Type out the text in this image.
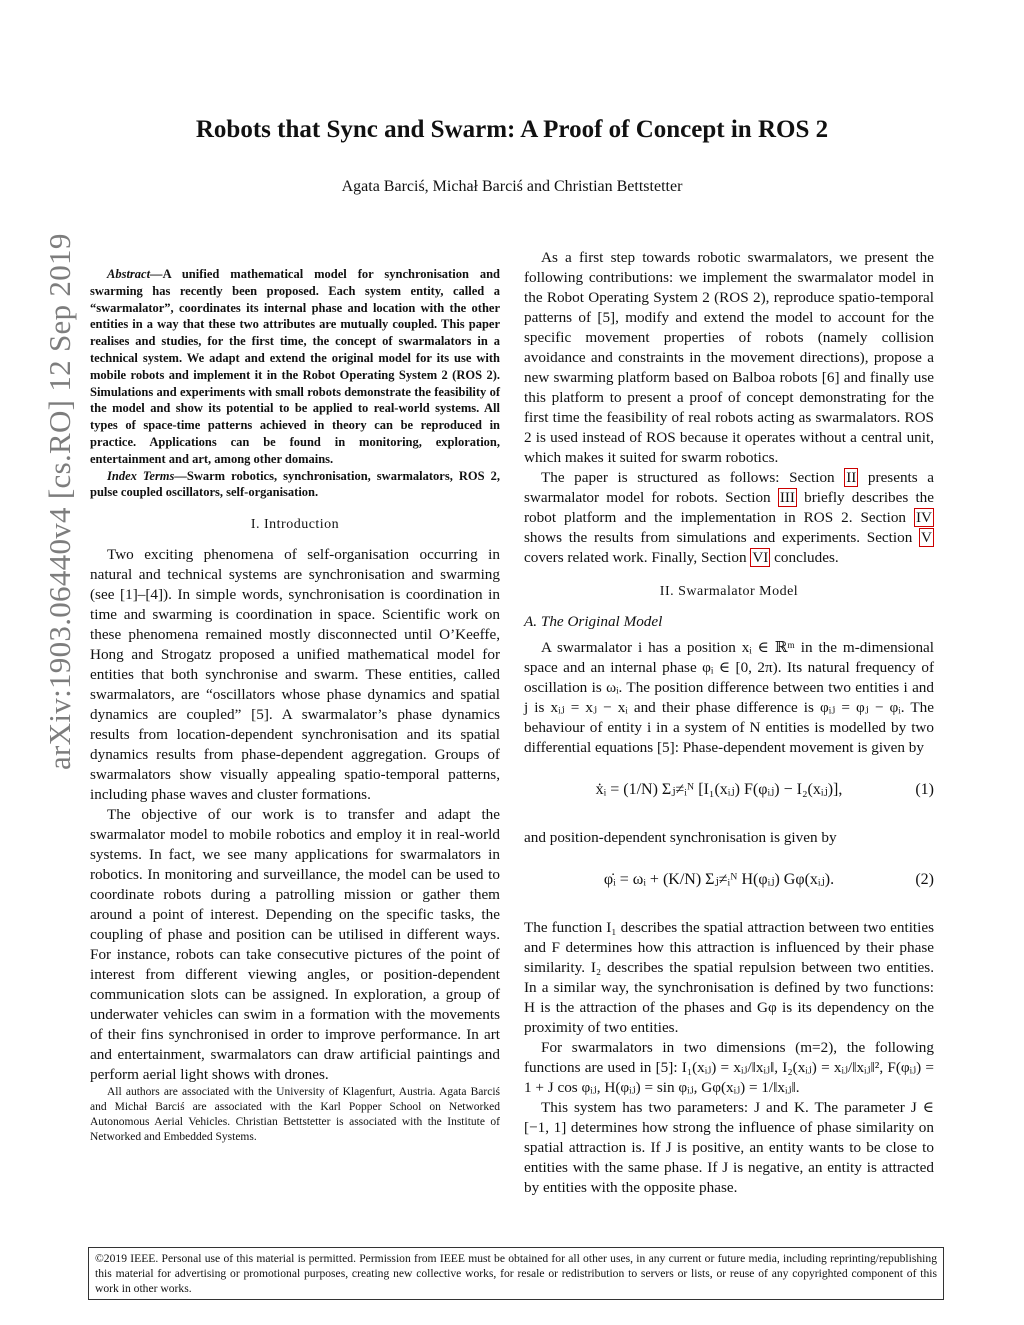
arXiv:1903.06440v4 [cs.RO] 12 Sep 2019
Robots that Sync and Swarm: A Proof of Concept in ROS 2
Agata Barciś, Michał Barciś and Christian Bettstetter

Abstract—A unified mathematical model for synchronisation and swarming has recently been proposed. Each system entity, called a “swarmalator”, coordinates its internal phase and location with the other entities in a way that these two attributes are mutually coupled. This paper realises and studies, for the first time, the concept of swarmalators in a technical system. We adapt and extend the original model for its use with mobile robots and implement it in the Robot Operating System 2 (ROS 2). Simulations and experiments with small robots demonstrate the feasibility of the model and show its potential to be applied to real-world systems. All types of space-time patterns achieved in theory can be reproduced in practice. Applications can be found in monitoring, exploration, entertainment and art, among other domains.

Index Terms—Swarm robotics, synchronisation, swarmalators, ROS 2, pulse coupled oscillators, self-organisation.

I. Introduction

Two exciting phenomena of self-organisation occurring in natural and technical systems are synchronisation and swarming (see [1]–[4]). In simple words, synchronisation is coordination in time and swarming is coordination in space. Scientific work on these phenomena remained mostly disconnected until O’Keeffe, Hong and Strogatz proposed a unified mathematical model for entities that both synchronise and swarm. These entities, called swarmalators, are “oscillators whose phase dynamics and spatial dynamics are coupled” [5]. A swarmalator’s phase dynamics results from location-dependent synchronisation and its spatial dynamics results from phase-dependent aggregation. Groups of swarmalators show visually appealing spatio-temporal patterns, including phase waves and cluster formations.

The objective of our work is to transfer and adapt the swarmalator model to mobile robotics and employ it in real-world systems. In fact, we see many applications for swarmalators in robotics. In monitoring and surveillance, the model can be used to coordinate robots during a patrolling mission or gather them around a point of interest. Depending on the specific tasks, the coupling of phase and position can be utilised in different ways. For instance, robots can take consecutive pictures of the point of interest from different viewing angles, or position-dependent communication slots can be assigned. In exploration, a group of underwater vehicles can swim in a formation with the movements of their fins synchronised in order to improve performance. In art and entertainment, swarmalators can draw artificial paintings and perform aerial light shows with drones.

All authors are associated with the University of Klagenfurt, Austria. Agata Barciś and Michał Barciś are associated with the Karl Popper School on Networked Autonomous Aerial Vehicles. Christian Bettstetter is associated with the Institute of Networked and Embedded Systems.

As a first step towards robotic swarmalators, we present the following contributions: we implement the swarmalator model in the Robot Operating System 2 (ROS 2), reproduce spatio-temporal patterns of [5], modify and extend the model to account for the specific movement properties of robots (namely collision avoidance and constraints in the movement directions), propose a new swarming platform based on Balboa robots [6] and finally use this platform to present a proof of concept demonstrating for the first time the feasibility of real robots acting as swarmalators. ROS 2 is used instead of ROS because it operates without a central unit, which makes it suited for swarm robotics.

The paper is structured as follows: Section II presents a swarmalator model for robots. Section III briefly describes the robot platform and the implementation in ROS 2. Section IV shows the results from simulations and experiments. Section V covers related work. Finally, Section VI concludes.

II. Swarmalator Model
A. The Original Model

A swarmalator i has a position xᵢ ∈ ℝᵐ in the m-dimensional space and an internal phase φᵢ ∈ [0, 2π). Its natural frequency of oscillation is ωᵢ. The position difference between two entities i and j is xᵢⱼ = xⱼ − xᵢ and their phase difference is φᵢⱼ = φⱼ − φᵢ. The behaviour of entity i in a system of N entities is modelled by two differential equations [5]: Phase-dependent movement is given by

ẋᵢ = (1/N) Σⱼ≠ᵢᴺ [I₁(xᵢⱼ) F(φᵢⱼ) − I₂(xᵢⱼ)],	(1)

and position-dependent synchronisation is given by

φ̇ᵢ = ωᵢ + (K/N) Σⱼ≠ᵢᴺ H(φᵢⱼ) Gφ(xᵢⱼ).	(2)

The function I₁ describes the spatial attraction between two entities and F determines how this attraction is influenced by their phase similarity. I₂ describes the spatial repulsion between two entities. In a similar way, the synchronisation is defined by two functions: H is the attraction of the phases and Gφ is its dependency on the proximity of two entities.

For swarmalators in two dimensions (m=2), the following functions are used in [5]: I₁(xᵢⱼ) = xᵢⱼ/‖xᵢⱼ‖, I₂(xᵢⱼ) = xᵢⱼ/‖xᵢⱼ‖², F(φᵢⱼ) = 1 + J cos φᵢⱼ, H(φᵢⱼ) = sin φᵢⱼ, Gφ(xᵢⱼ) = 1/‖xᵢⱼ‖.

This system has two parameters: J and K. The parameter J ∈ [−1, 1] determines how strong the influence of phase similarity on spatial attraction is. If J is positive, an entity wants to be close to entities with the same phase. If J is negative, an entity is attracted by entities with the opposite phase.

©2019 IEEE. Personal use of this material is permitted. Permission from IEEE must be obtained for all other uses, in any current or future media, including reprinting/republishing this material for advertising or promotional purposes, creating new collective works, for resale or redistribution to servers or lists, or reuse of any copyrighted component of this work in other works.
